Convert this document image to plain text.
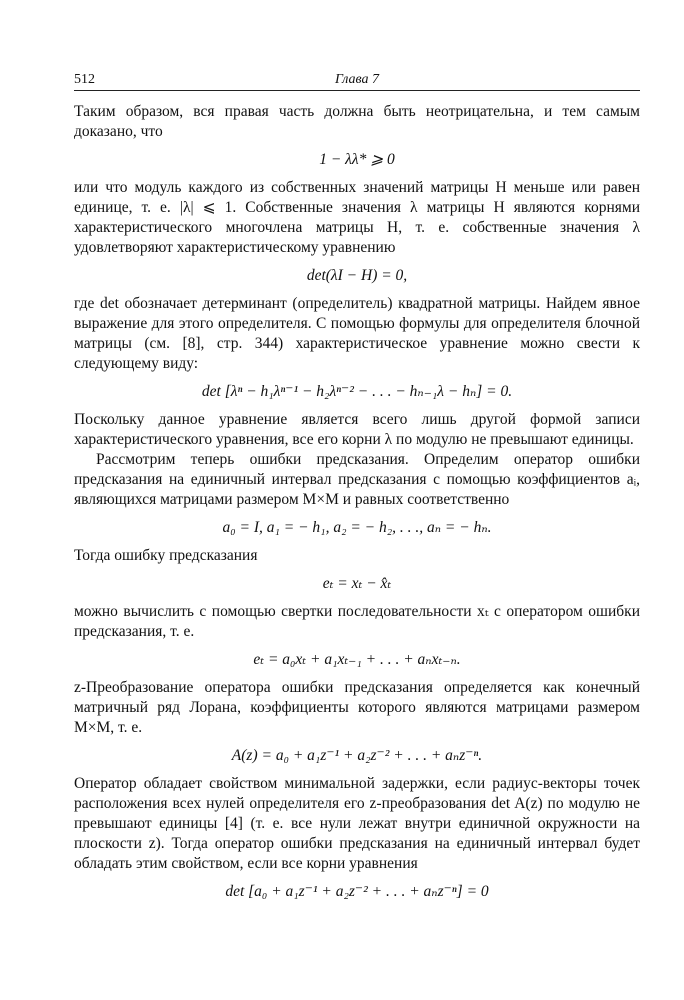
512	Глава 7

Таким образом, вся правая часть должна быть неотрицательна, и тем самым доказано, что

1 − λλ* ⩾ 0

или что модуль каждого из собственных значений матрицы H меньше или равен единице, т. е. |λ| ⩽ 1. Собственные значения λ матрицы H являются корнями характеристического многочлена матрицы H, т. е. собственные значения λ удовлетворяют характеристическому уравнению

det(λI − H) = 0,

где det обозначает детерминант (определитель) квадратной матрицы. Найдем явное выражение для этого определителя. С помощью формулы для определителя блочной матрицы (см. [8], стр. 344) характеристическое уравнение можно свести к следующему виду:

det [λⁿ − h₁λⁿ⁻¹ − h₂λⁿ⁻² − . . . − hₙ₋₁λ − hₙ] = 0.

Поскольку данное уравнение является всего лишь другой формой записи характеристического уравнения, все его корни λ по модулю не превышают единицы.

Рассмотрим теперь ошибки предсказания. Определим оператор ошибки предсказания на единичный интервал предсказания с помощью коэффициентов aᵢ, являющихся матрицами размером M×M и равных соответственно

a₀ = I, a₁ = − h₁, a₂ = − h₂, . . ., aₙ = − hₙ.

Тогда ошибку предсказания

eₜ = xₜ − x̂ₜ

можно вычислить с помощью свертки последовательности xₜ с оператором ошибки предсказания, т. е.

eₜ = a₀xₜ + a₁xₜ₋₁ + . . . + aₙxₜ₋ₙ.

z-Преобразование оператора ошибки предсказания определяется как конечный матричный ряд Лорана, коэффициенты которого являются матрицами размером M×M, т. е.

A(z) = a₀ + a₁z⁻¹ + a₂z⁻² + . . . + aₙz⁻ⁿ.

Оператор обладает свойством минимальной задержки, если радиус-векторы точек расположения всех нулей определителя его z-преобразования det A(z) по модулю не превышают единицы [4] (т. е. все нули лежат внутри единичной окружности на плоскости z). Тогда оператор ошибки предсказания на единичный интервал будет обладать этим свойством, если все корни уравнения

det [a₀ + a₁z⁻¹ + a₂z⁻² + . . . + aₙz⁻ⁿ] = 0
